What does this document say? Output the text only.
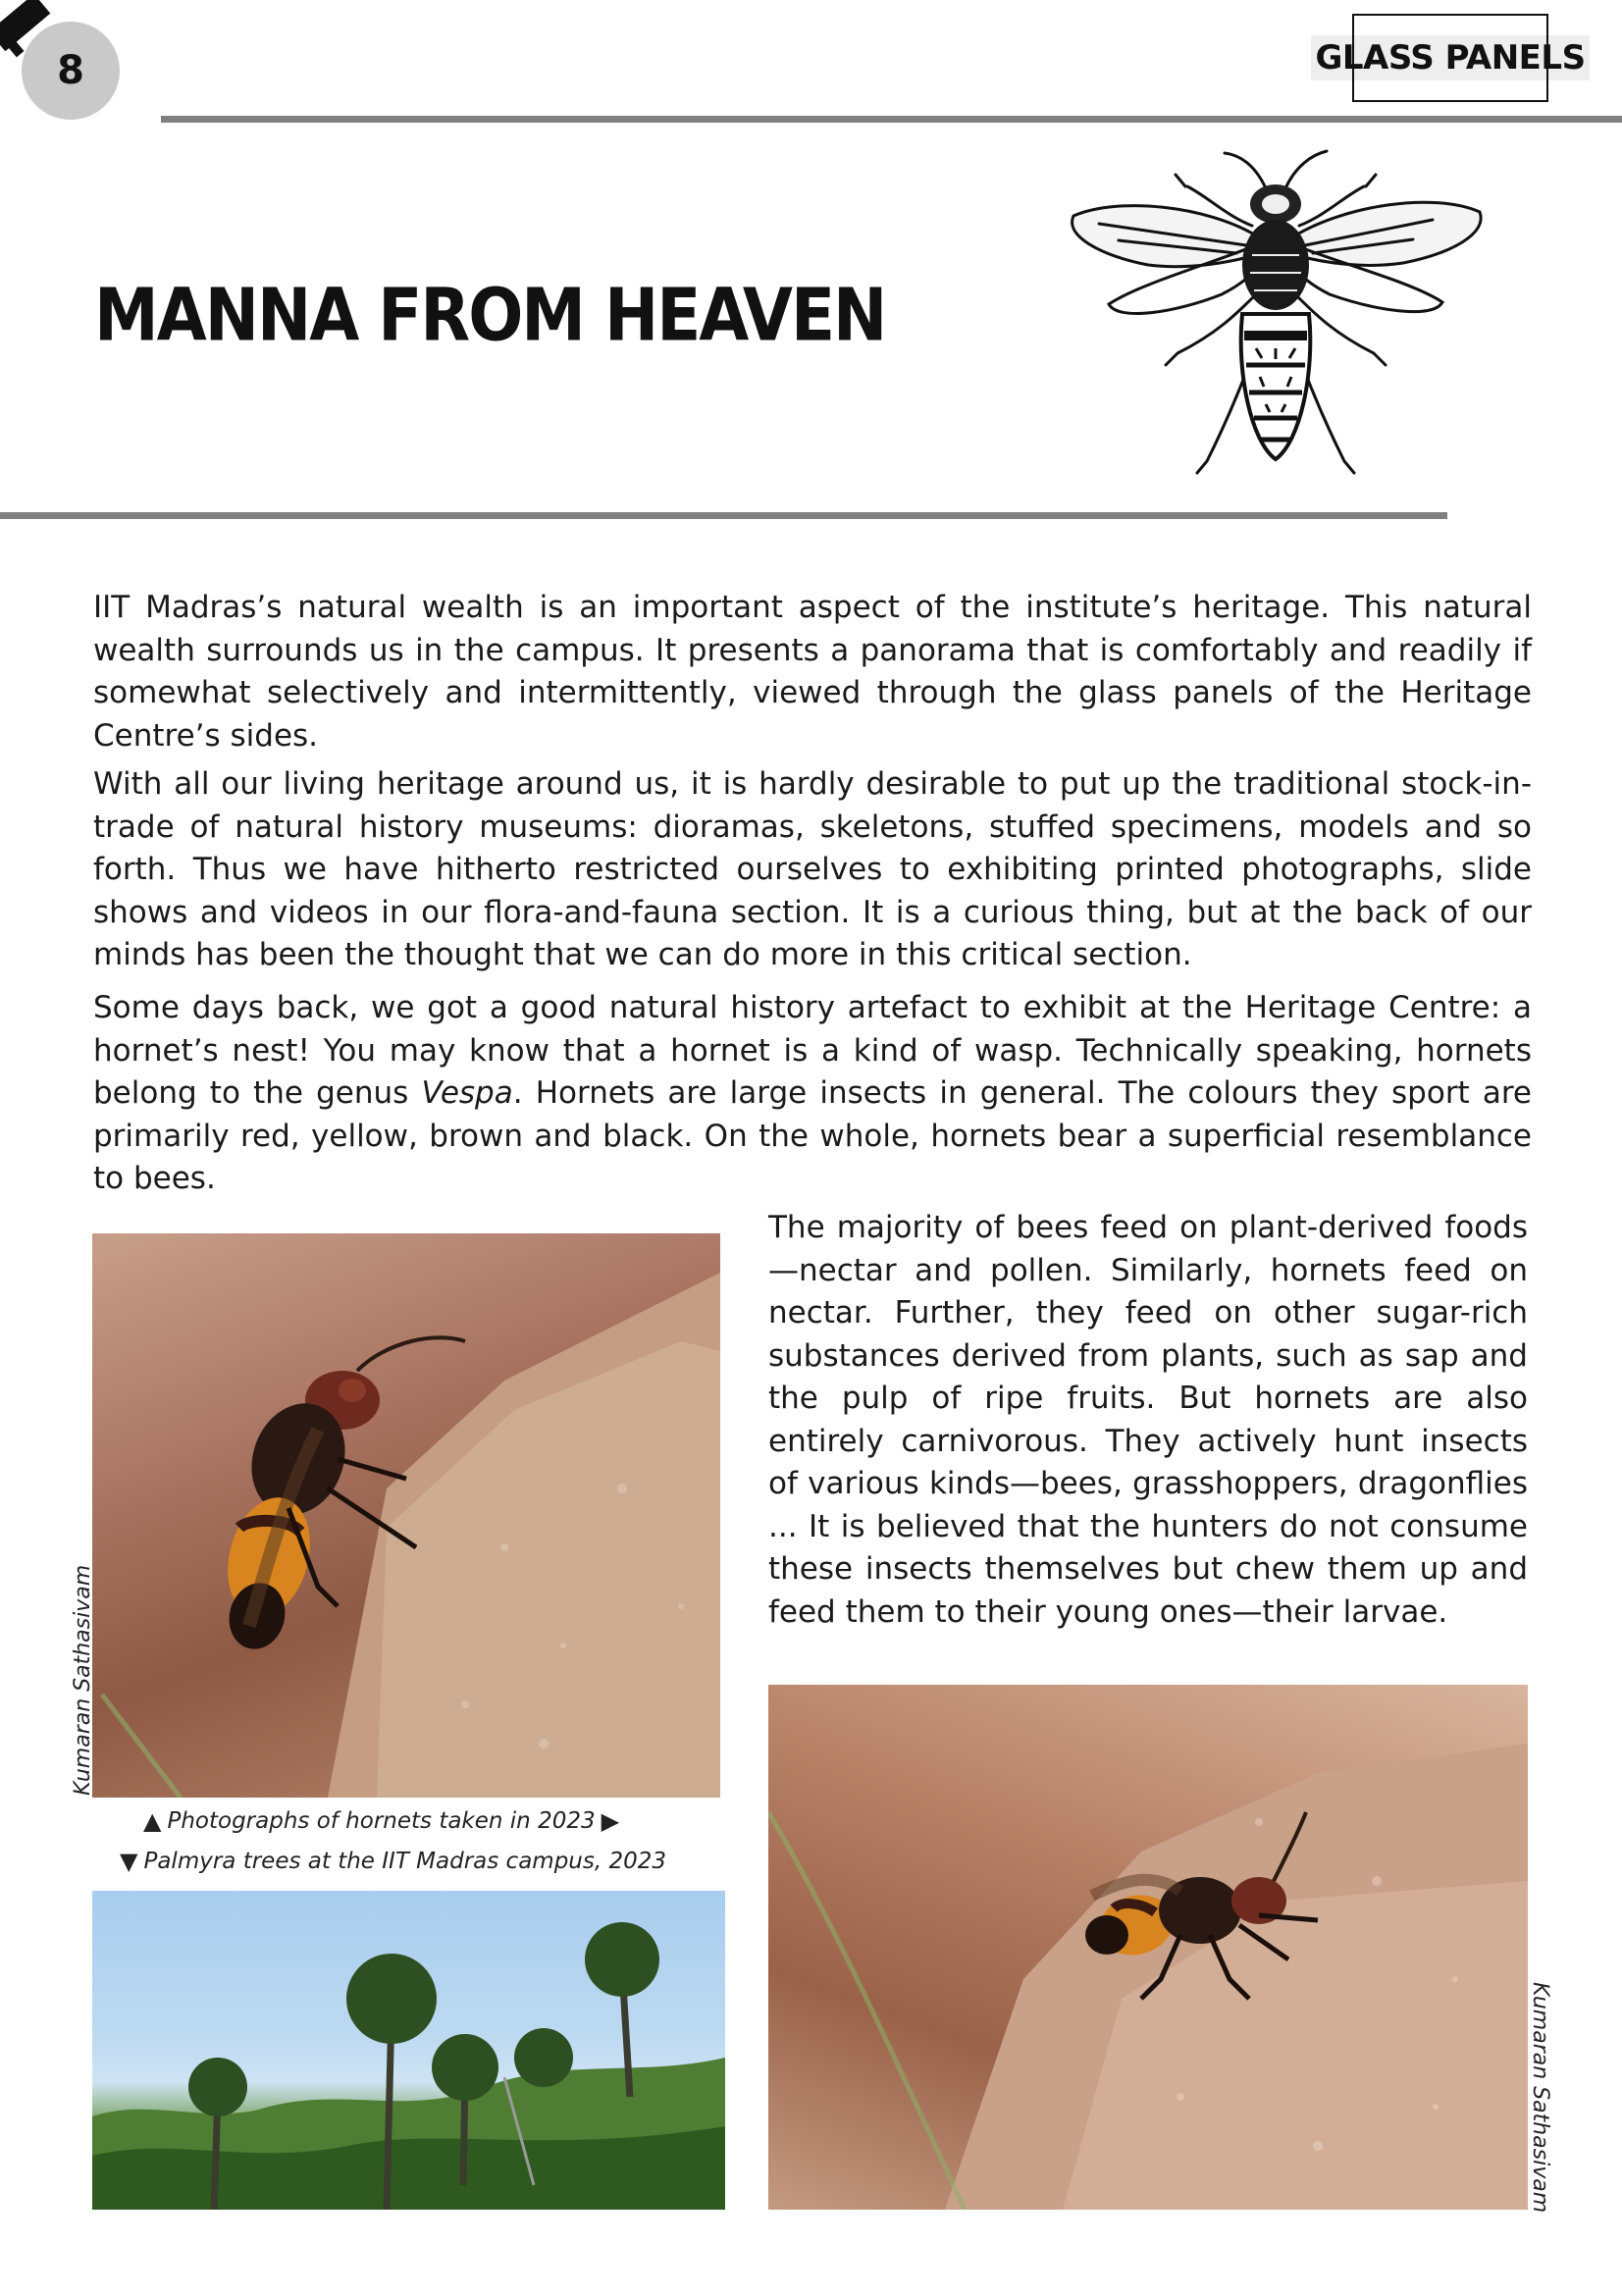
8	GLASS PANELS
MANNA FROM HEAVEN
IIT Madras’s natural wealth is an important aspect of the institute’s heritage. This natural wealth surrounds us in the campus. It presents a panorama that is comfortably and readily if somewhat selectively and intermittently, viewed through the glass panels of the Heritage Centre’s sides.
With all our living heritage around us, it is hardly desirable to put up the traditional stock-in-trade of natural history museums: dioramas, skeletons, stuffed specimens, models and so forth. Thus we have hitherto restricted ourselves to exhibiting printed photographs, slide shows and videos in our flora-and-fauna section. It is a curious thing, but at the back of our minds has been the thought that we can do more in this critical section.
Some days back, we got a good natural history artefact to exhibit at the Heritage Centre: a hornet’s nest! You may know that a hornet is a kind of wasp. Technically speaking, hornets belong to the genus Vespa. Hornets are large insects in general. The colours they sport are primarily red, yellow, brown and black. On the whole, hornets bear a superficial resemblance to bees.
The majority of bees feed on plant-derived foods—nectar and pollen. Similarly, hornets feed on nectar. Further, they feed on other sugar-rich substances derived from plants, such as sap and the pulp of ripe fruits. But hornets are also entirely carnivorous. They actively hunt insects of various kinds—bees, grasshoppers, dragonflies ... It is believed that the hunters do not consume these insects themselves but chew them up and feed them to their young ones—their larvae.
Kumaran Sathasivam
▲ Photographs of hornets taken in 2023 ▶
▼ Palmyra trees at the IIT Madras campus, 2023
Kumaran Sathasivam
